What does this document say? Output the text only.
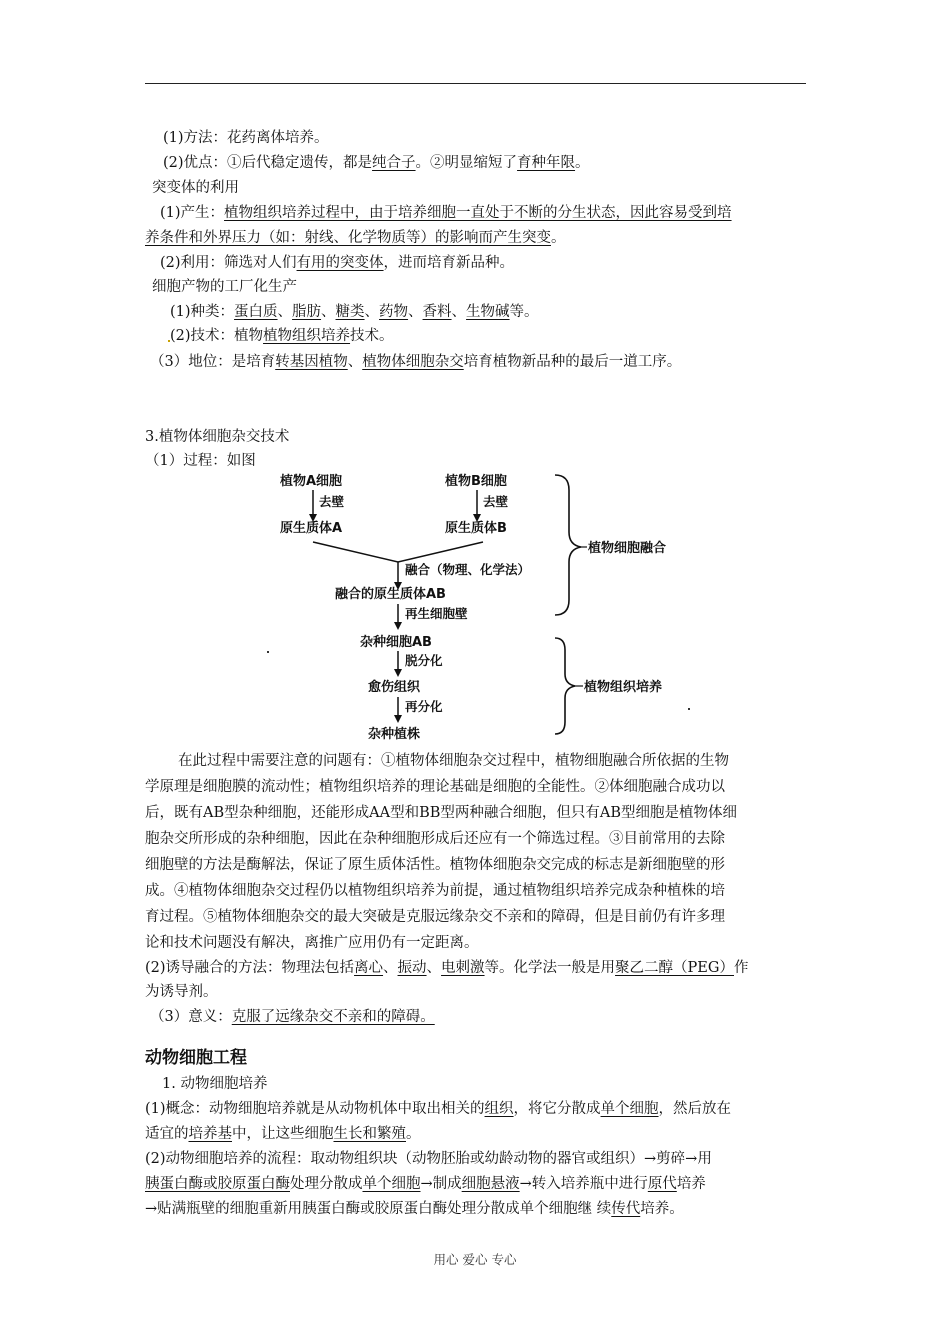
(1)方法：花药离体培养。
(2)优点：①后代稳定遗传，都是纯合子。②明显缩短了育种年限。
突变体的利用
(1)产生：植物组织培养过程中，由于培养细胞一直处于不断的分生状态，因此容易受到培
养条件和外界压力（如：射线、化学物质等）的影响而产生突变。
(2)利用：筛选对人们有用的突变体，进而培育新品种。
细胞产物的工厂化生产
(1)种类：蛋白质、脂肪、糖类、药物、香料、生物碱等。
(2)技术：植物植物组织培养技术。
（3）地位：是培育转基因植物、植物体细胞杂交培育植物新品种的最后一道工序。
3.植物体细胞杂交技术
（1）过程：如图
植物A细胞	植物B细胞
去壁	去壁
原生质体A	原生质体B
融合（物理、化学法）
融合的原生质体AB
再生细胞壁
杂种细胞AB
脱分化
愈伤组织
再分化
杂种植株
植物细胞融合
植物组织培养
在此过程中需要注意的问题有：①植物体细胞杂交过程中，植物细胞融合所依据的生物
学原理是细胞膜的流动性；植物组织培养的理论基础是细胞的全能性。②体细胞融合成功以
后，既有AB型杂种细胞，还能形成AA型和BB型两种融合细胞，但只有AB型细胞是植物体细
胞杂交所形成的杂种细胞，因此在杂种细胞形成后还应有一个筛选过程。③目前常用的去除
细胞壁的方法是酶解法，保证了原生质体活性。植物体细胞杂交完成的标志是新细胞壁的形
成。④植物体细胞杂交过程仍以植物组织培养为前提，通过植物组织培养完成杂种植株的培
育过程。⑤植物体细胞杂交的最大突破是克服远缘杂交不亲和的障碍，但是目前仍有许多理
论和技术问题没有解决，离推广应用仍有一定距离。
(2)诱导融合的方法：物理法包括离心、振动、电刺激等。化学法一般是用聚乙二醇（PEG）作
为诱导剂。
（3）意义：克服了远缘杂交不亲和的障碍。
动物细胞工程
1. 动物细胞培养
(1)概念：动物细胞培养就是从动物机体中取出相关的组织，将它分散成单个细胞，然后放在
适宜的培养基中，让这些细胞生长和繁殖。
(2)动物细胞培养的流程：取动物组织块（动物胚胎或幼龄动物的器官或组织）→剪碎→用
胰蛋白酶或胶原蛋白酶处理分散成单个细胞→制成细胞悬液→转入培养瓶中进行原代培养
→贴满瓶壁的细胞重新用胰蛋白酶或胶原蛋白酶处理分散成单个细胞继 续传代培养。
用心 爱心 专心
